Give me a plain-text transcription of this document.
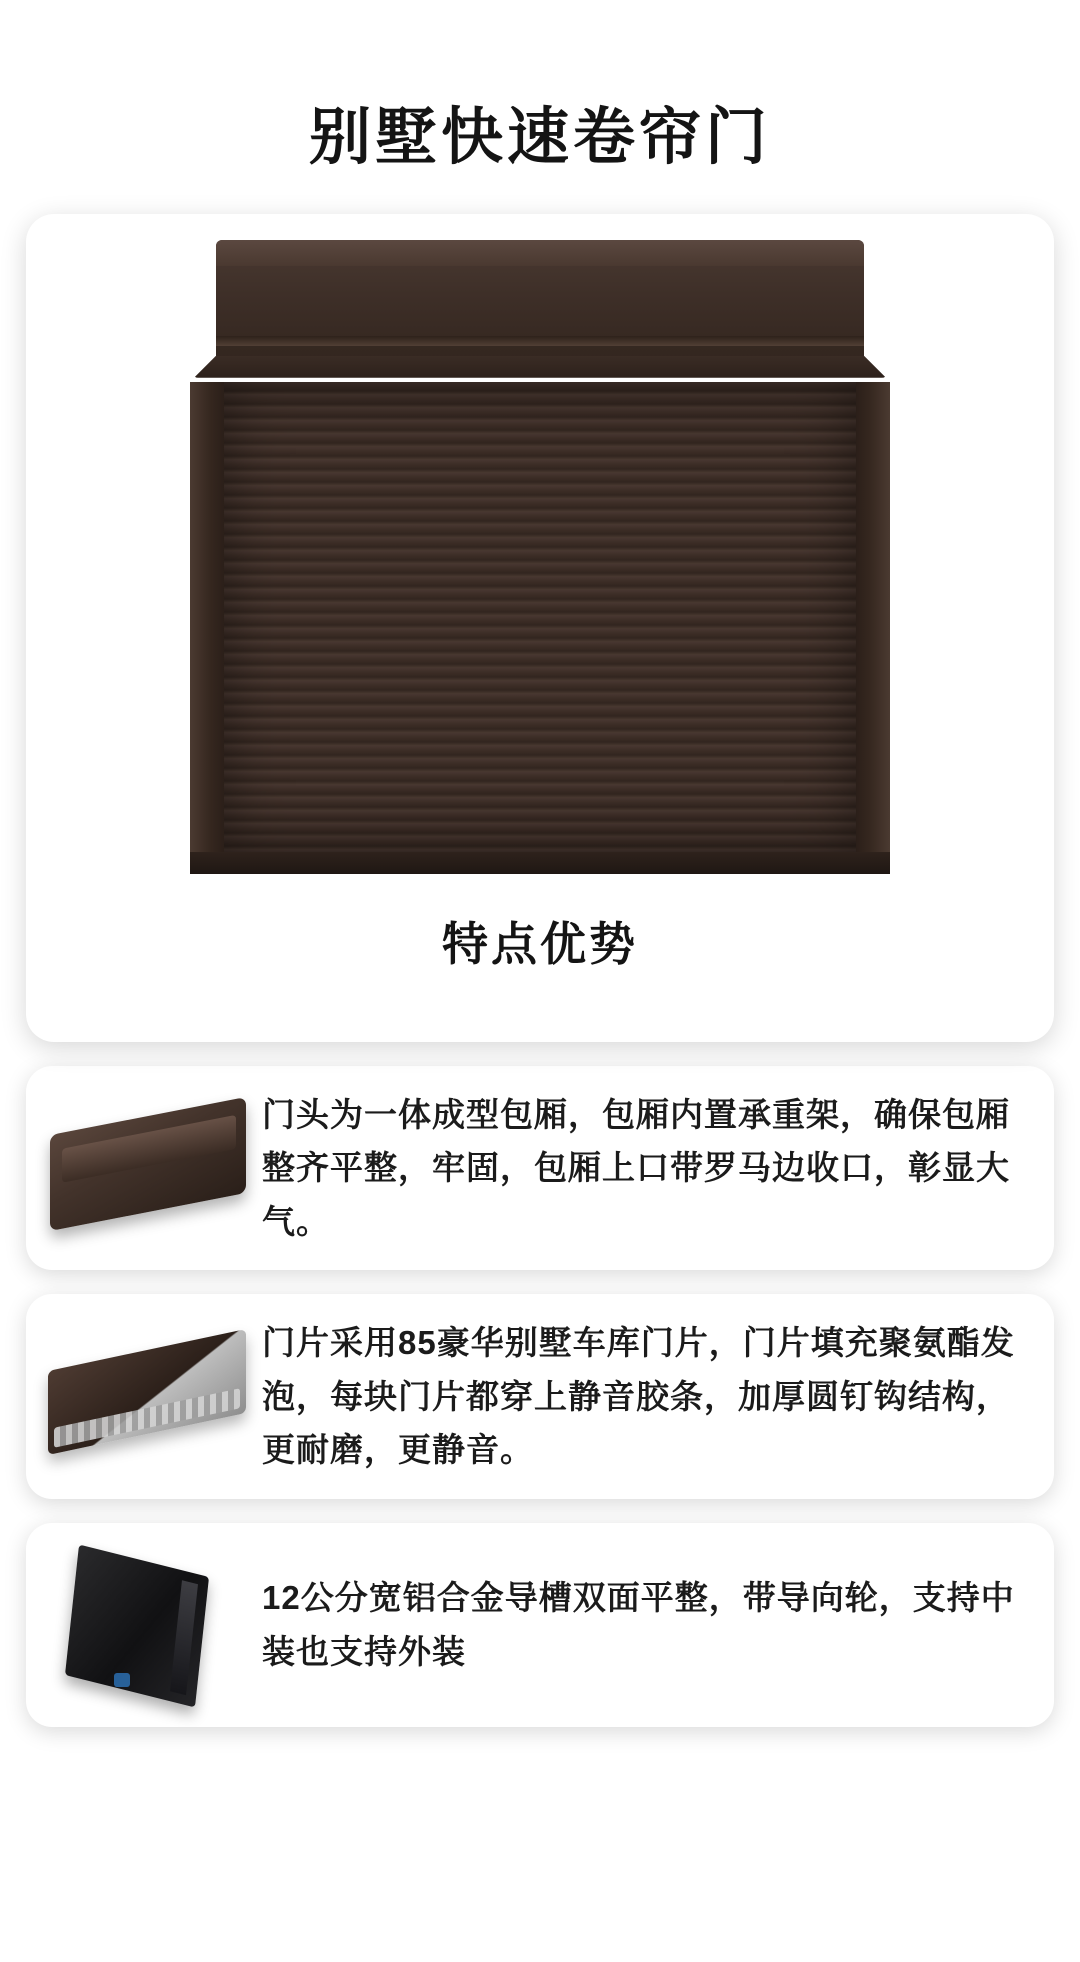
别墅快速卷帘门
特点优势
门头为一体成型包厢，包厢内置承重架，确保包厢整齐平整，牢固，包厢上口带罗马边收口，彰显大气。
门片采用85豪华别墅车库门片，门片填充聚氨酯发泡，每块门片都穿上静音胶条，加厚圆钉钩结构，更耐磨，更静音。
12公分宽铝合金导槽双面平整，带导向轮，支持中装也支持外装
